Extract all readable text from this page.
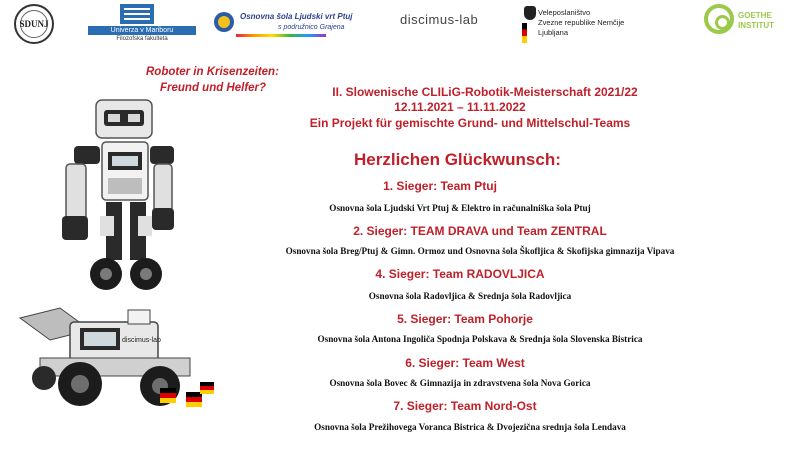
SDUNJ
Univerza v Mariboru
Filozofska fakulteta
Osnovna šola Ljudski vrt Ptuj
s podružnico Grajena
discimus-lab	Veleposlaništvo
Zvezne republike Nemčije
Ljubljana
GOETHE
INSTITUT
Roboter in Krisenzeiten:
Freund und Helfer?	II. Slowenische CLILiG-Robotik-Meisterschaft 2021/22
12.11.2021 – 11.11.2022
Ein Projekt für gemischte Grund- und Mittelschul-Teams
Herzlichen Glückwunsch:
1. Sieger: Team Ptuj
Osnovna šola Ljudski Vrt Ptuj & Elektro in računalniška šola Ptuj
2. Sieger: TEAM DRAVA und Team ZENTRAL
Osnovna šola Breg/Ptuj & Gimn. Ormoz und Osnovna šola Škofljica & Skofijska gimnazija Vipava
4. Sieger: Team RADOVLJICA
Osnovna šola Radovljica & Srednja šola Radovljica
5. Sieger: Team Pohorje
Osnovna šola Antona Ingoliča Spodnja Polskava & Srednja šola Slovenska Bistrica
6. Sieger: Team West
Osnovna šola Bovec & Gimnazija in zdravstvena šola Nova Gorica
7. Sieger: Team Nord-Ost
Osnovna šola Prežihovega Voranca Bistrica & Dvojezična srednja šola Lendava
discimus-lab
